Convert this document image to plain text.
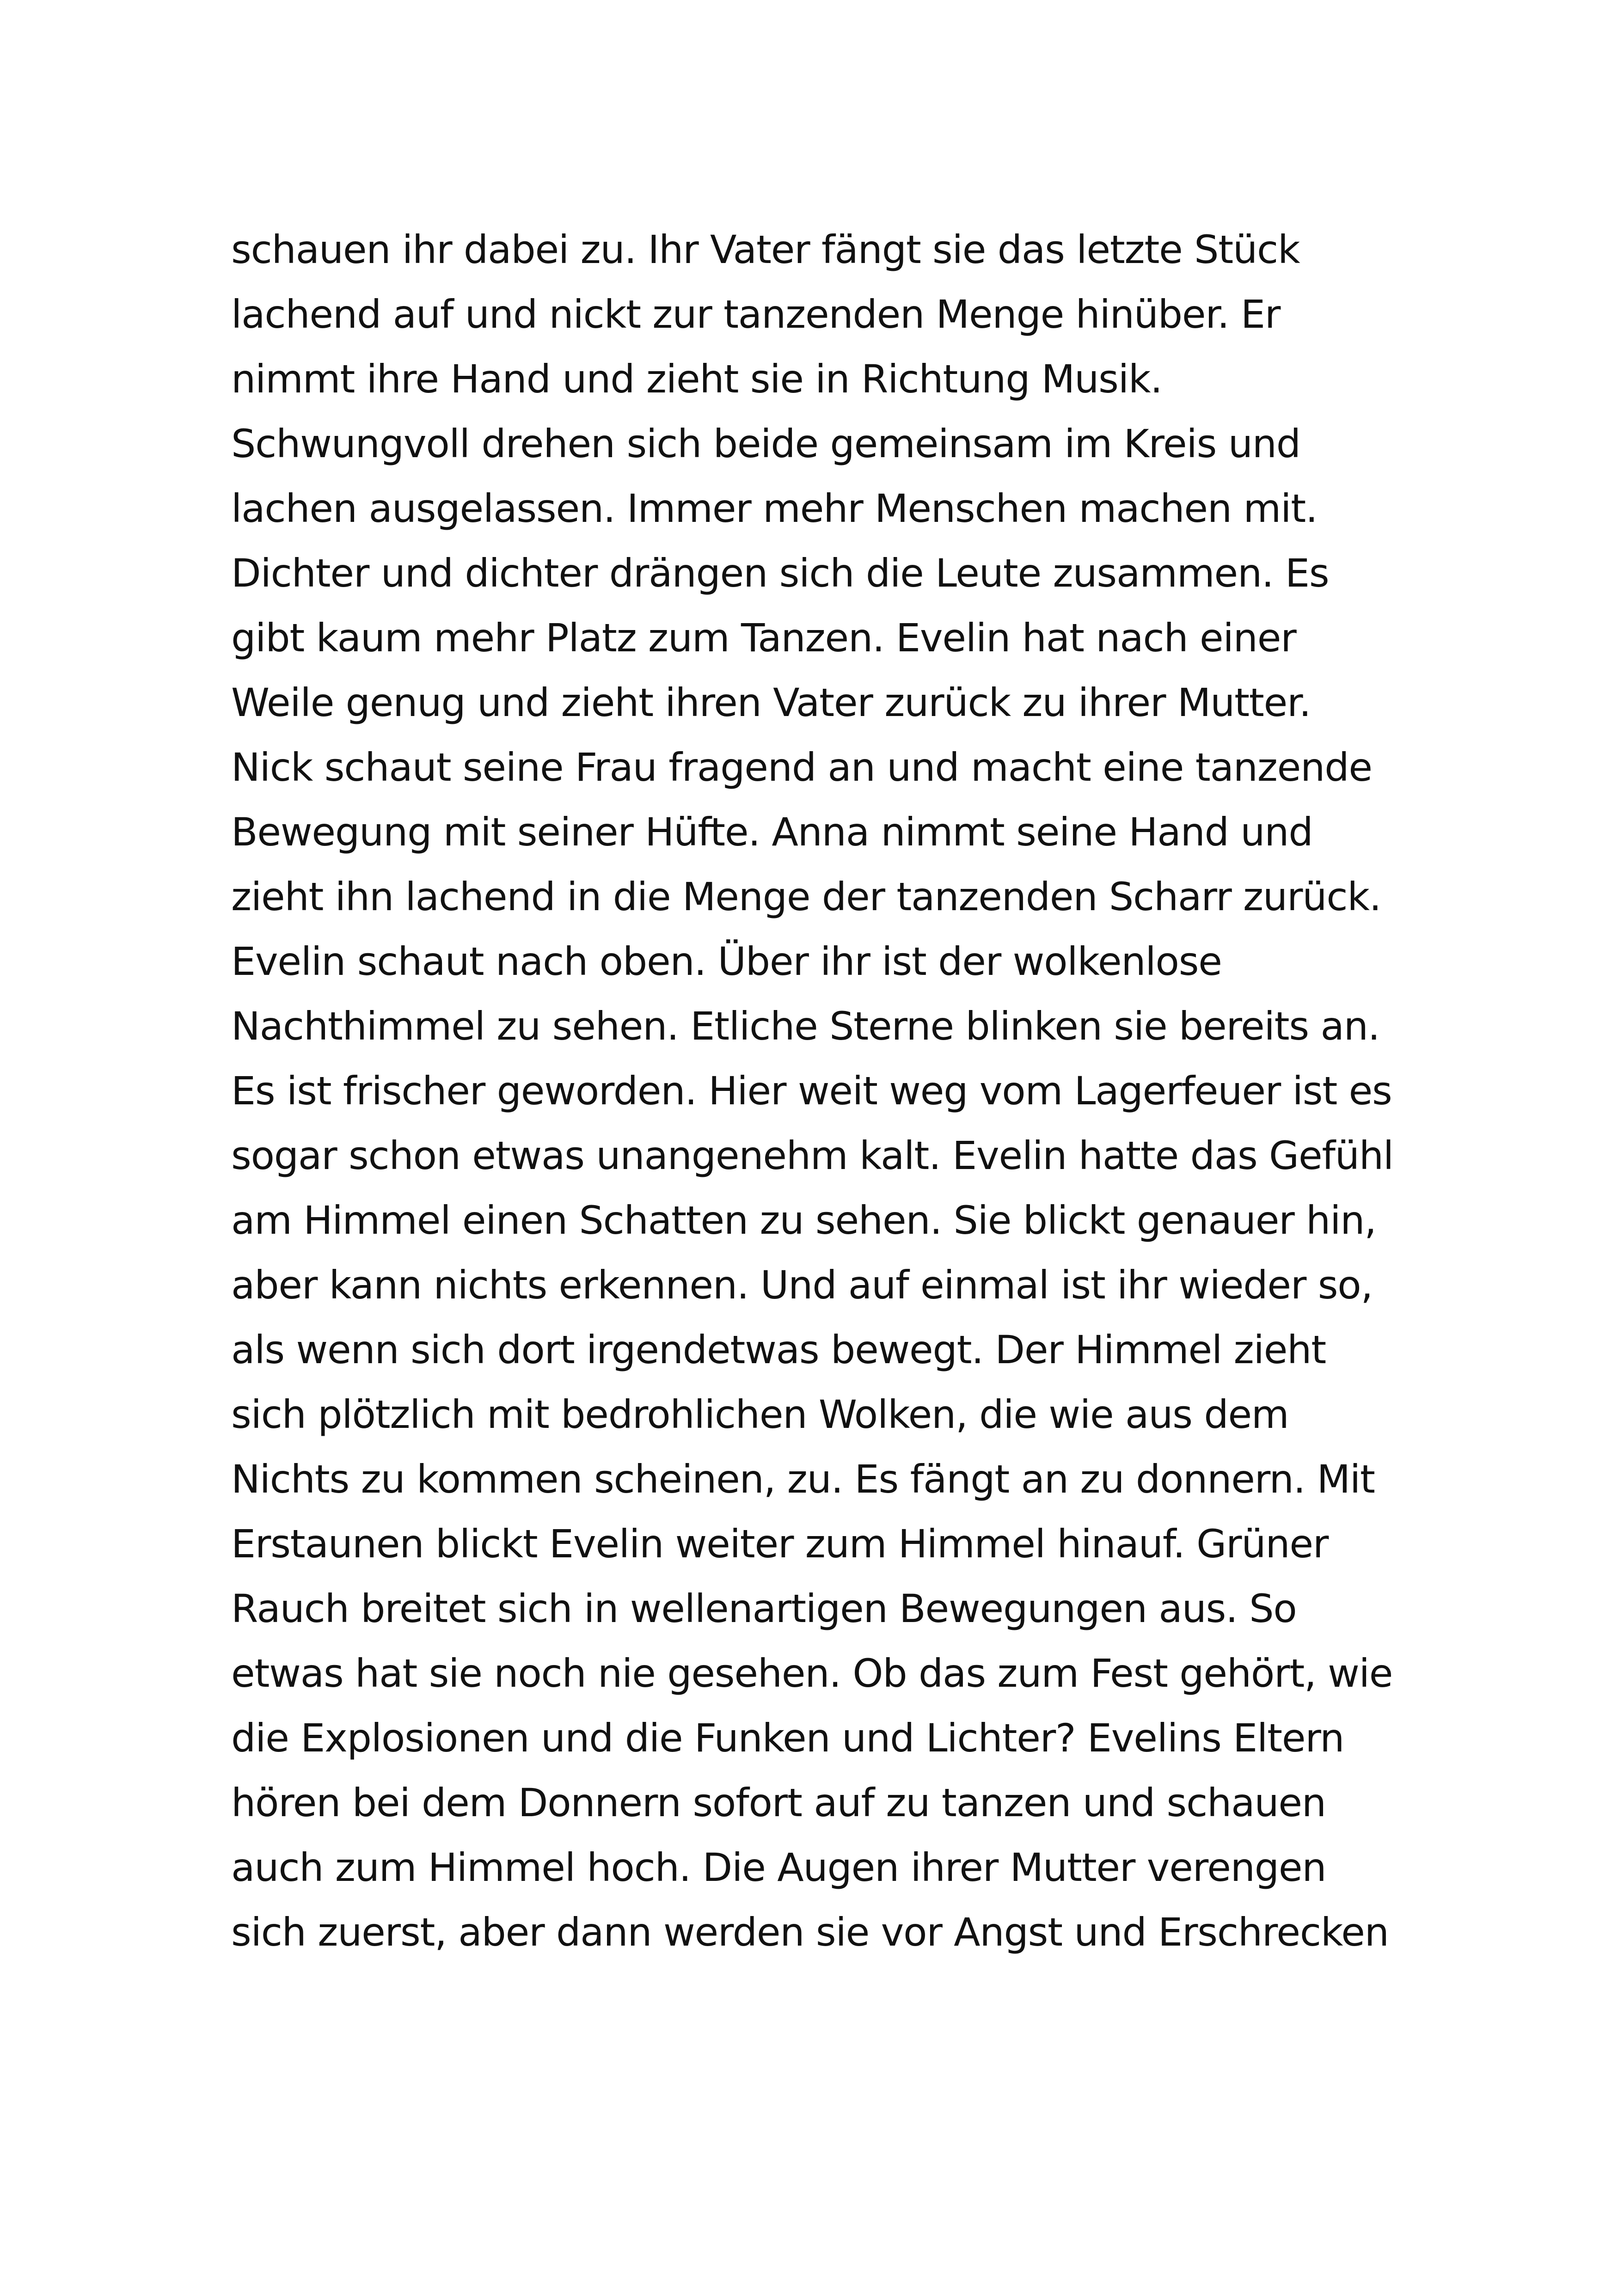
schauen ihr dabei zu. Ihr Vater fängt sie das letzte Stück
lachend auf und nickt zur tanzenden Menge hinüber. Er
nimmt ihre Hand und zieht sie in Richtung Musik.
Schwungvoll drehen sich beide gemeinsam im Kreis und
lachen ausgelassen. Immer mehr Menschen machen mit.
Dichter und dichter drängen sich die Leute zusammen. Es
gibt kaum mehr Platz zum Tanzen. Evelin hat nach einer
Weile genug und zieht ihren Vater zurück zu ihrer Mutter.
Nick schaut seine Frau fragend an und macht eine tanzende
Bewegung mit seiner Hüfte. Anna nimmt seine Hand und
zieht ihn lachend in die Menge der tanzenden Scharr zurück.
Evelin schaut nach oben. Über ihr ist der wolkenlose
Nachthimmel zu sehen. Etliche Sterne blinken sie bereits an.
Es ist frischer geworden. Hier weit weg vom Lagerfeuer ist es
sogar schon etwas unangenehm kalt. Evelin hatte das Gefühl
am Himmel einen Schatten zu sehen. Sie blickt genauer hin,
aber kann nichts erkennen. Und auf einmal ist ihr wieder so,
als wenn sich dort irgendetwas bewegt. Der Himmel zieht
sich plötzlich mit bedrohlichen Wolken, die wie aus dem
Nichts zu kommen scheinen, zu. Es fängt an zu donnern. Mit
Erstaunen blickt Evelin weiter zum Himmel hinauf. Grüner
Rauch breitet sich in wellenartigen Bewegungen aus. So
etwas hat sie noch nie gesehen. Ob das zum Fest gehört, wie
die Explosionen und die Funken und Lichter? Evelins Eltern
hören bei dem Donnern sofort auf zu tanzen und schauen
auch zum Himmel hoch. Die Augen ihrer Mutter verengen
sich zuerst, aber dann werden sie vor Angst und Erschrecken
